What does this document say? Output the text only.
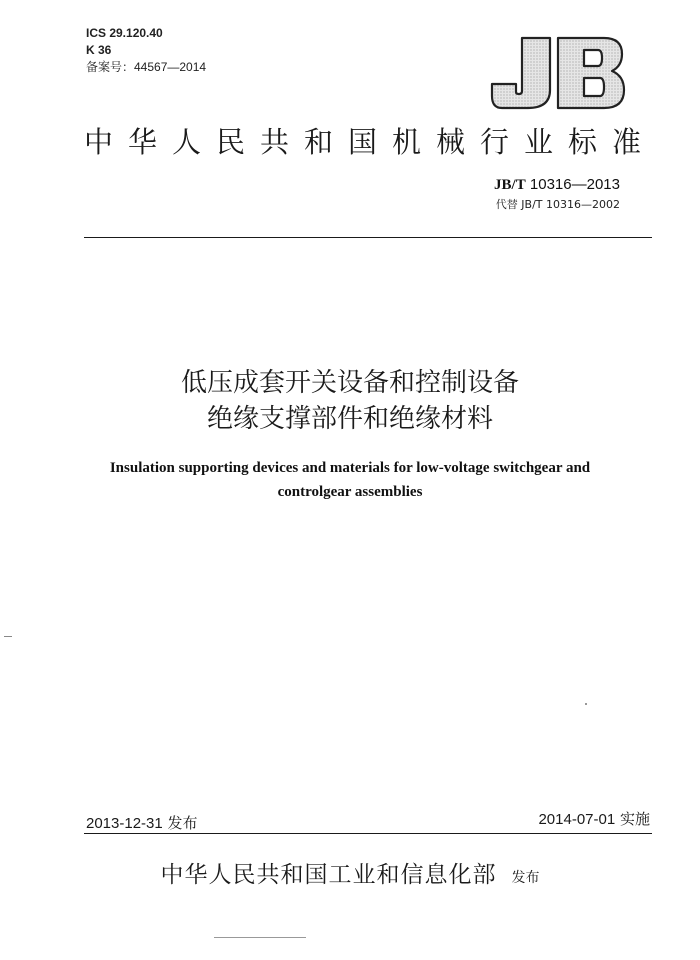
ICS 29.120.40
K 36
备案号：44567—2014
中华人民共和国机械行业标准
JB/T 10316—2013
代替 JB/T 10316—2002
低压成套开关设备和控制设备
绝缘支撑部件和绝缘材料
Insulation supporting devices and materials for low-voltage switchgear and
controlgear assemblies
2013-12-31 发布	2014-07-01 实施
中华人民共和国工业和信息化部 发布
